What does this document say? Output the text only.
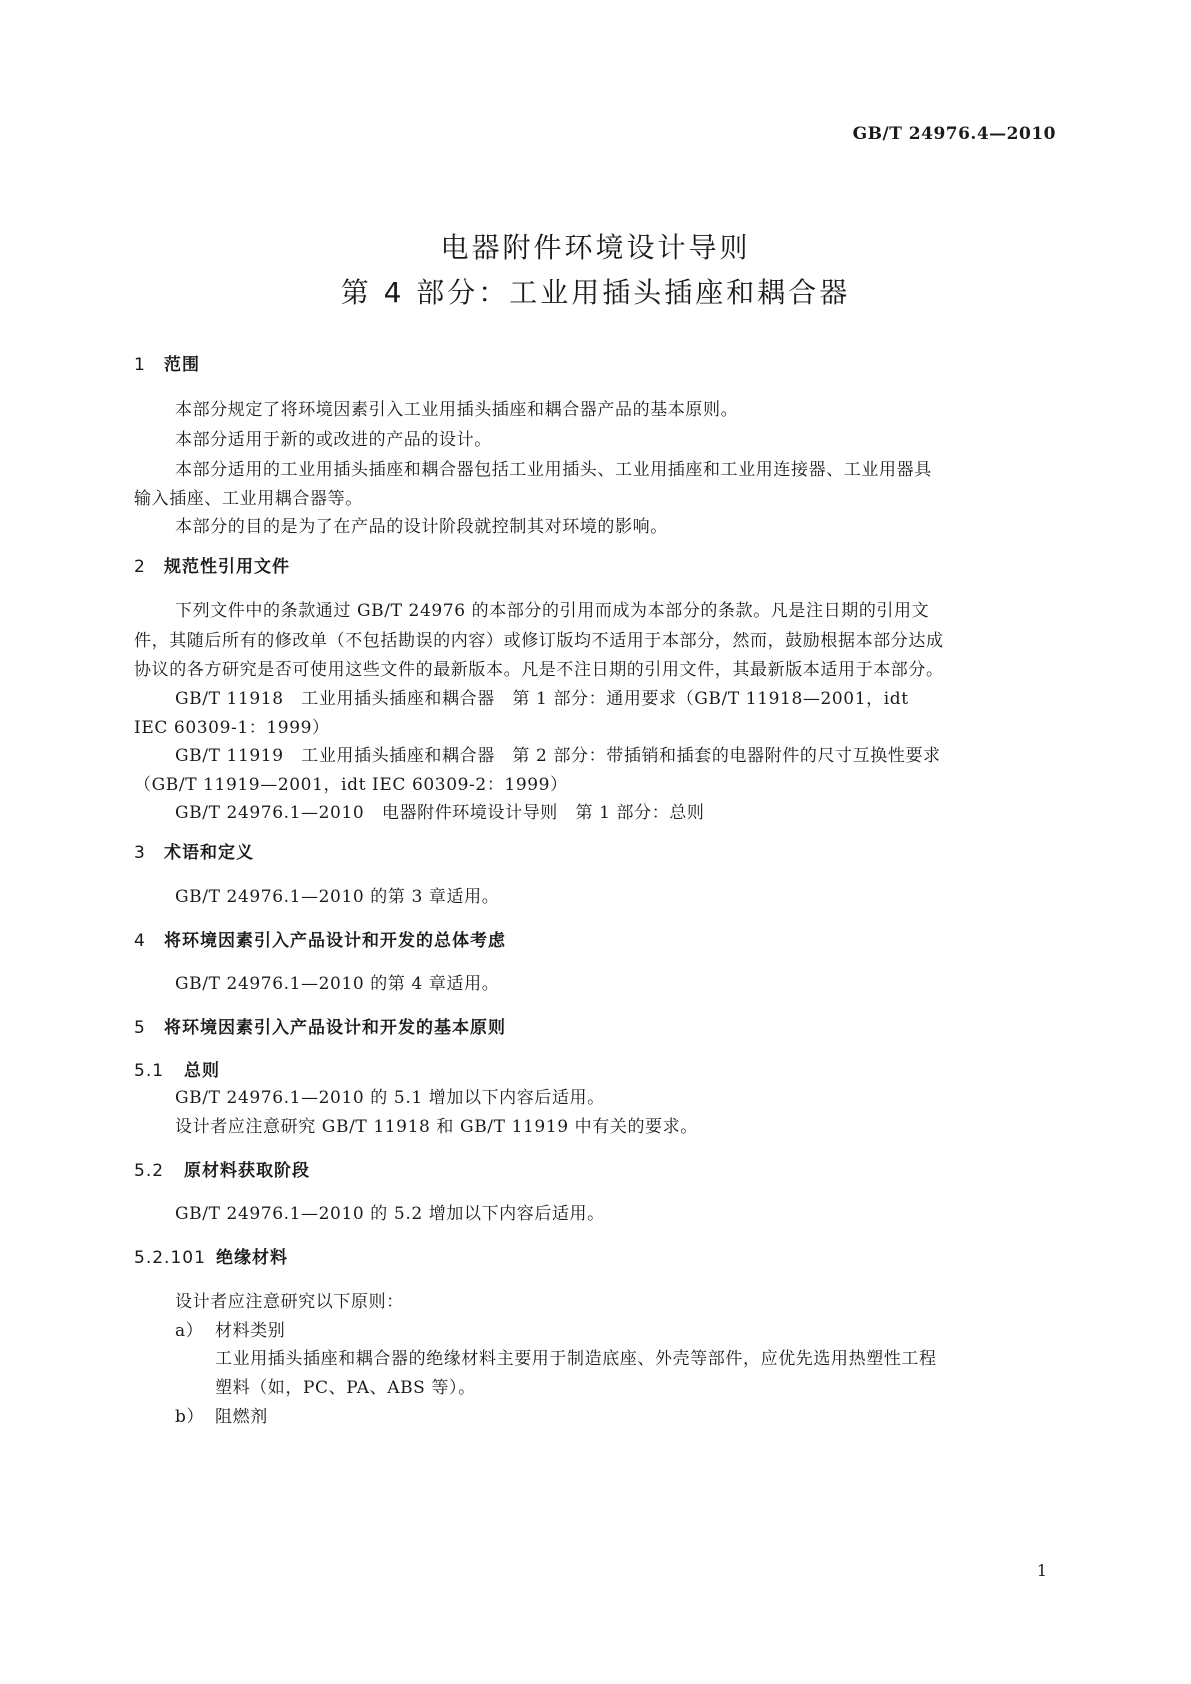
GB/T 24976.4—2010
电器附件环境设计导则
第 4 部分：工业用插头插座和耦合器
1 范围
本部分规定了将环境因素引入工业用插头插座和耦合器产品的基本原则。
本部分适用于新的或改进的产品的设计。
本部分适用的工业用插头插座和耦合器包括工业用插头、工业用插座和工业用连接器、工业用器具
输入插座、工业用耦合器等。
本部分的目的是为了在产品的设计阶段就控制其对环境的影响。
2 规范性引用文件
下列文件中的条款通过 GB/T 24976 的本部分的引用而成为本部分的条款。凡是注日期的引用文
件，其随后所有的修改单（不包括勘误的内容）或修订版均不适用于本部分，然而，鼓励根据本部分达成
协议的各方研究是否可使用这些文件的最新版本。凡是不注日期的引用文件，其最新版本适用于本部分。
GB/T 11918　工业用插头插座和耦合器　第 1 部分：通用要求（GB/T 11918—2001，idt
IEC 60309-1：1999）
GB/T 11919　工业用插头插座和耦合器　第 2 部分：带插销和插套的电器附件的尺寸互换性要求
（GB/T 11919—2001，idt IEC 60309-2：1999）
GB/T 24976.1—2010　电器附件环境设计导则　第 1 部分：总则
3 术语和定义
GB/T 24976.1—2010 的第 3 章适用。
4 将环境因素引入产品设计和开发的总体考虑
GB/T 24976.1—2010 的第 4 章适用。
5 将环境因素引入产品设计和开发的基本原则
5.1 总则
GB/T 24976.1—2010 的 5.1 增加以下内容后适用。
设计者应注意研究 GB/T 11918 和 GB/T 11919 中有关的要求。
5.2 原材料获取阶段
GB/T 24976.1—2010 的 5.2 增加以下内容后适用。
5.2.101 绝缘材料
设计者应注意研究以下原则：
a） 材料类别
工业用插头插座和耦合器的绝缘材料主要用于制造底座、外壳等部件，应优先选用热塑性工程
塑料（如，PC、PA、ABS 等）。
b） 阻燃剂
1
